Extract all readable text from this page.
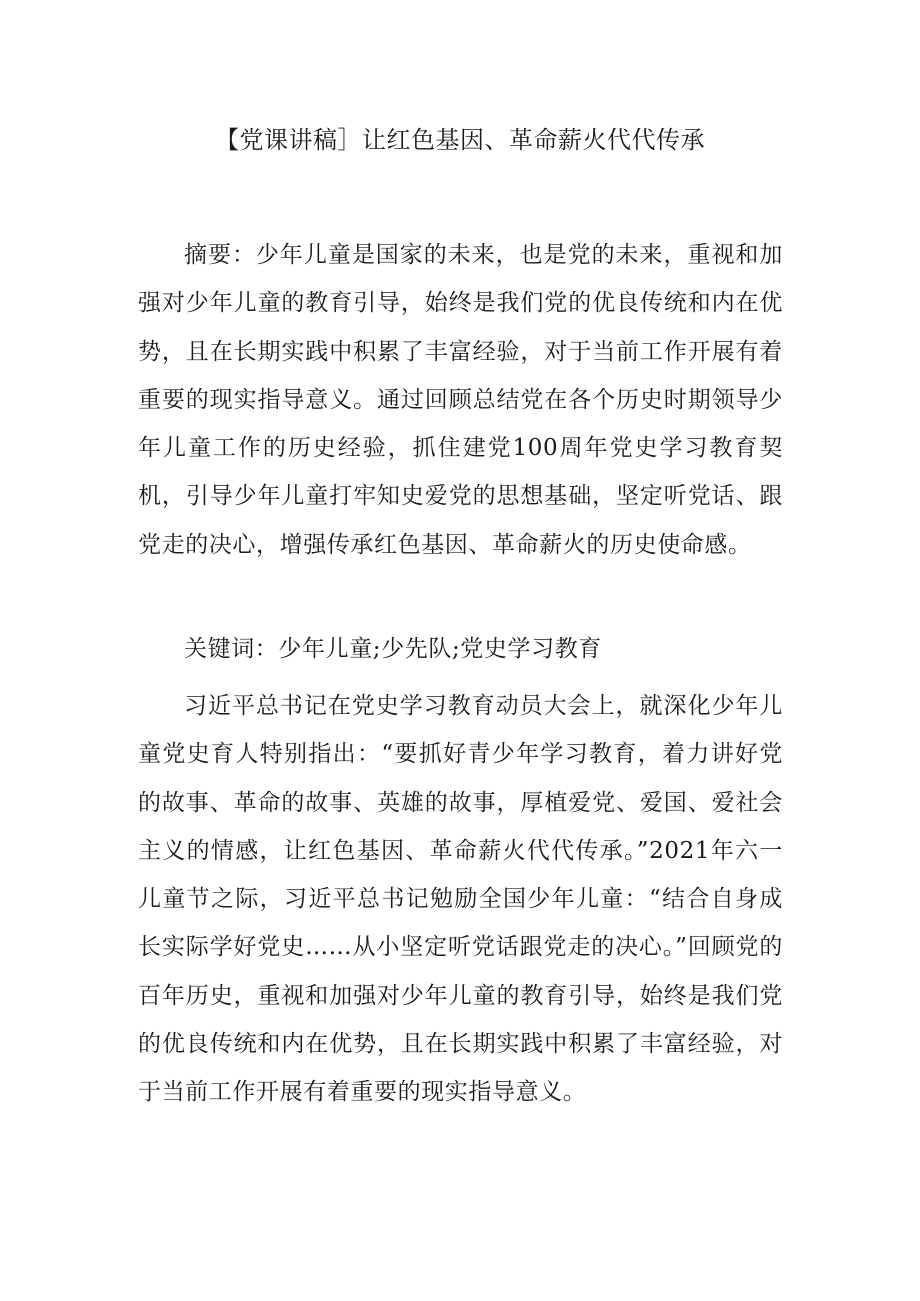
【党课讲稿］让红色基因、革命薪火代代传承

摘要：少年儿童是国家的未来，也是党的未来，重视和加强对少年儿童的教育引导，始终是我们党的优良传统和内在优势，且在长期实践中积累了丰富经验，对于当前工作开展有着重要的现实指导意义。通过回顾总结党在各个历史时期领导少年儿童工作的历史经验，抓住建党100周年党史学习教育契机，引导少年儿童打牢知史爱党的思想基础，坚定听党话、跟党走的决心，增强传承红色基因、革命薪火的历史使命感。

关键词：少年儿童;少先队;党史学习教育

习近平总书记在党史学习教育动员大会上，就深化少年儿童党史育人特别指出：“要抓好青少年学习教育，着力讲好党的故事、革命的故事、英雄的故事，厚植爱党、爱国、爱社会主义的情感，让红色基因、革命薪火代代传承。”2021年六一儿童节之际，习近平总书记勉励全国少年儿童：“结合自身成长实际学好党史……从小坚定听党话跟党走的决心。”回顾党的百年历史，重视和加强对少年儿童的教育引导，始终是我们党的优良传统和内在优势，且在长期实践中积累了丰富经验，对于当前工作开展有着重要的现实指导意义。
